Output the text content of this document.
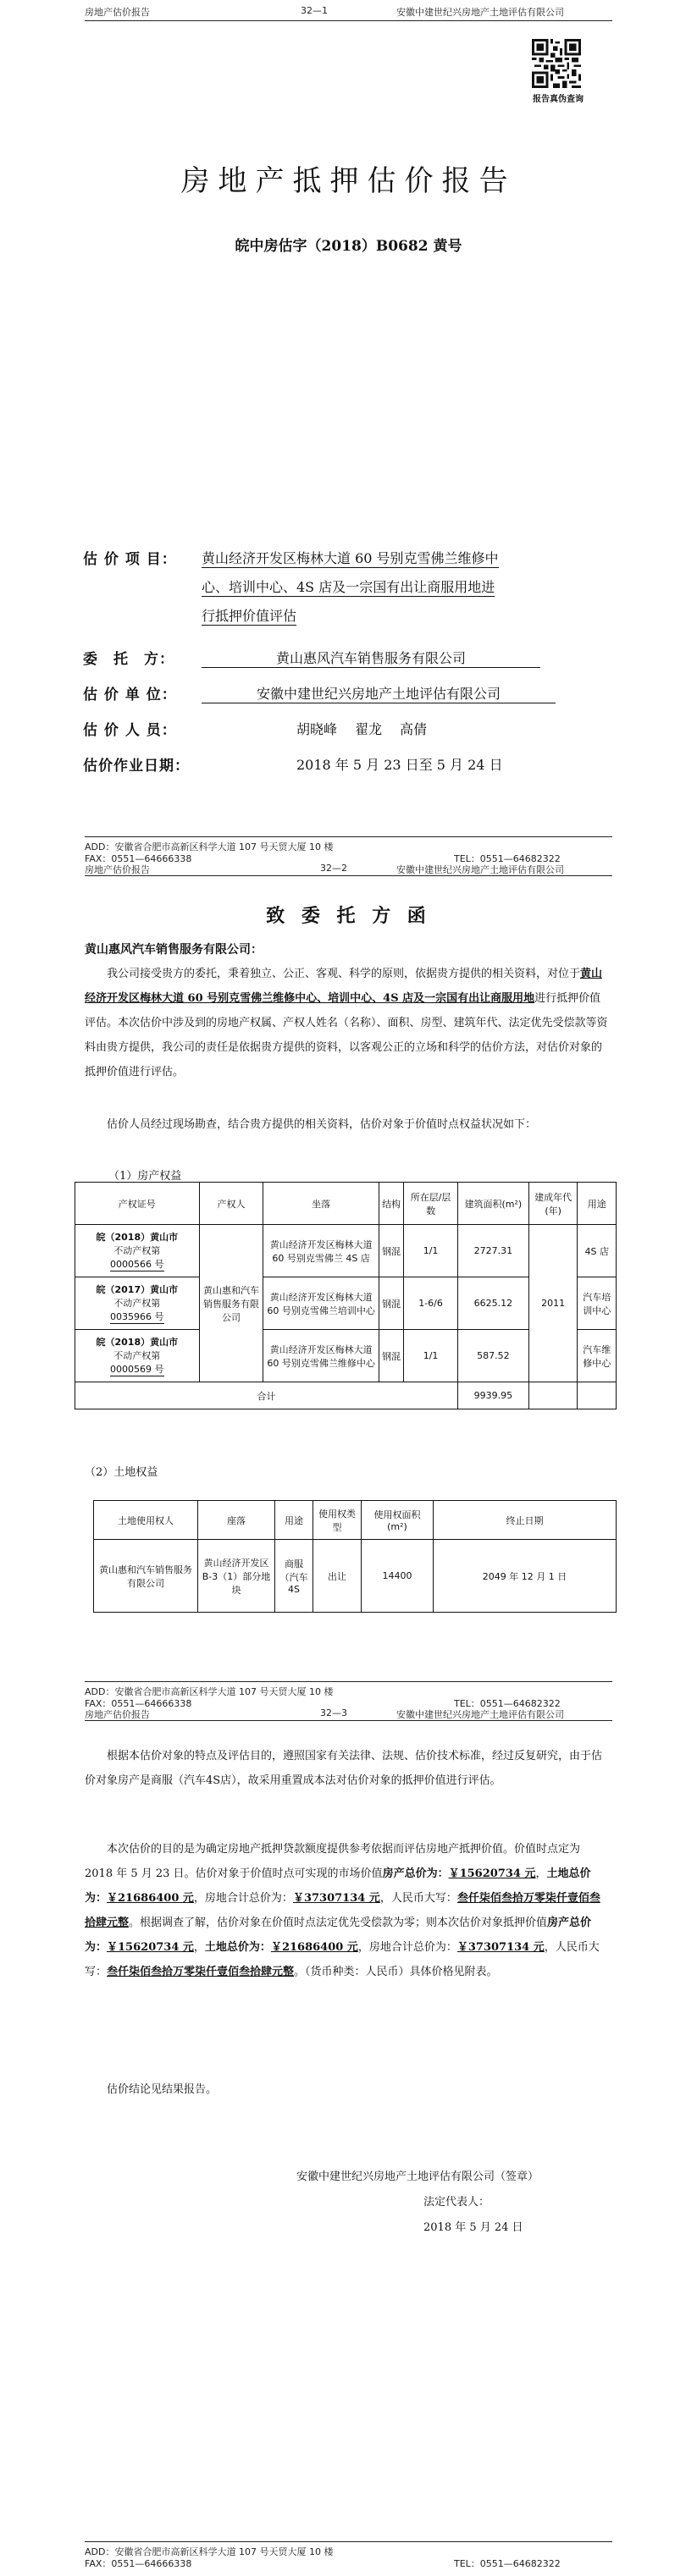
房地产估价报告	32—1	安徽中建世纪兴房地产土地评估有限公司
报告真伪查询
房地产抵押估价报告
皖中房估字（2018）B0682 黄号
估 价 项 目： 黄山经济开发区梅林大道 60 号别克雪佛兰维修中
心、培训中心、4S 店及一宗国有出让商服用地进
行抵押价值评估
委　托　方：	黄山惠风汽车销售服务有限公司
估 价 单 位：	安徽中建世纪兴房地产土地评估有限公司
估 价 人 员：	胡晓峰　 翟龙　 高倩
估价作业日期：	2018 年 5 月 23 日至 5 月 24 日
ADD：安徽省合肥市高新区科学大道 107 号天贸大厦 10 楼
FAX：0551—64666338	TEL：0551—64682322
房地产估价报告	32—2	安徽中建世纪兴房地产土地评估有限公司
致 委 托 方 函
黄山惠风汽车销售服务有限公司：
我公司接受贵方的委托，秉着独立、公正、客观、科学的原则，依据贵方提供的相关资料，对位于黄山经济开发区梅林大道 60 号别克雪佛兰维修中心、培训中心、4S 店及一宗国有出让商服用地进行抵押价值评估。本次估价中涉及到的房地产权属、产权人姓名（名称）、面积、房型、建筑年代、法定优先受偿款等资料由贵方提供，我公司的责任是依据贵方提供的资料，以客观公正的立场和科学的估价方法，对估价对象的抵押价值进行评估。
估价人员经过现场勘查，结合贵方提供的相关资料，估价对象于价值时点权益状况如下：
（1）房产权益
产权证号	产权人	坐落	结构	所在层/层数	建筑面积(m²)	建成年代(年)	用途

皖（2018）黄山市
不动产权第
0000566 号	黄山惠和汽车销售服务有限公司	黄山经济开发区梅林大道 60 号别克雪佛兰 4S 店	钢混	1/1	2727.31	2011	4S 店

皖（2017）黄山市
不动产权第
0035966 号		黄山经济开发区梅林大道 60 号别克雪佛兰培训中心	钢混	1-6/6	6625.12		汽车培训中心

皖（2018）黄山市
不动产权第
0000569 号		黄山经济开发区梅林大道 60 号别克雪佛兰维修中心	钢混	1/1	587.52		汽车维修中心
合计					9939.95		
（2）土地权益
土地使用权人	座落	用途	使用权类型	使用权面积(m²)	终止日期
黄山惠和汽车销售服务有限公司	黄山经济开发区 B-3（1）部分地块	商服（汽车 4S	出让	14400	2049 年 12 月 1 日
ADD：安徽省合肥市高新区科学大道 107 号天贸大厦 10 楼
FAX：0551—64666338	TEL：0551—64682322
房地产估价报告	32—3	安徽中建世纪兴房地产土地评估有限公司
根据本估价对象的特点及评估目的，遵照国家有关法律、法规、估价技术标准，经过反复研究，由于估价对象房产是商服（汽车4S店），故采用重置成本法对估价对象的抵押价值进行评估。
本次估价的目的是为确定房地产抵押贷款额度提供参考依据而评估房地产抵押价值。价值时点定为 2018 年 5 月 23 日。估价对象于价值时点可实现的市场价值房产总价为：￥15620734 元，土地总价为：￥21686400 元，房地合计总价为：￥37307134 元，人民币大写：叁仟柒佰叁拾万零柒仟壹佰叁拾肆元整。根据调查了解，估价对象在价值时点法定优先受偿款为零；则本次估价对象抵押价值房产总价为：￥15620734 元，土地总价为：￥21686400 元，房地合计总价为：￥37307134 元，人民币大写：叁仟柒佰叁拾万零柒仟壹佰叁拾肆元整。（货币种类：人民币）具体价格见附表。
估价结论见结果报告。
安徽中建世纪兴房地产土地评估有限公司（签章）
法定代表人：
2018 年 5 月 24 日
ADD：安徽省合肥市高新区科学大道 107 号天贸大厦 10 楼
FAX：0551—64666338	TEL：0551—64682322
